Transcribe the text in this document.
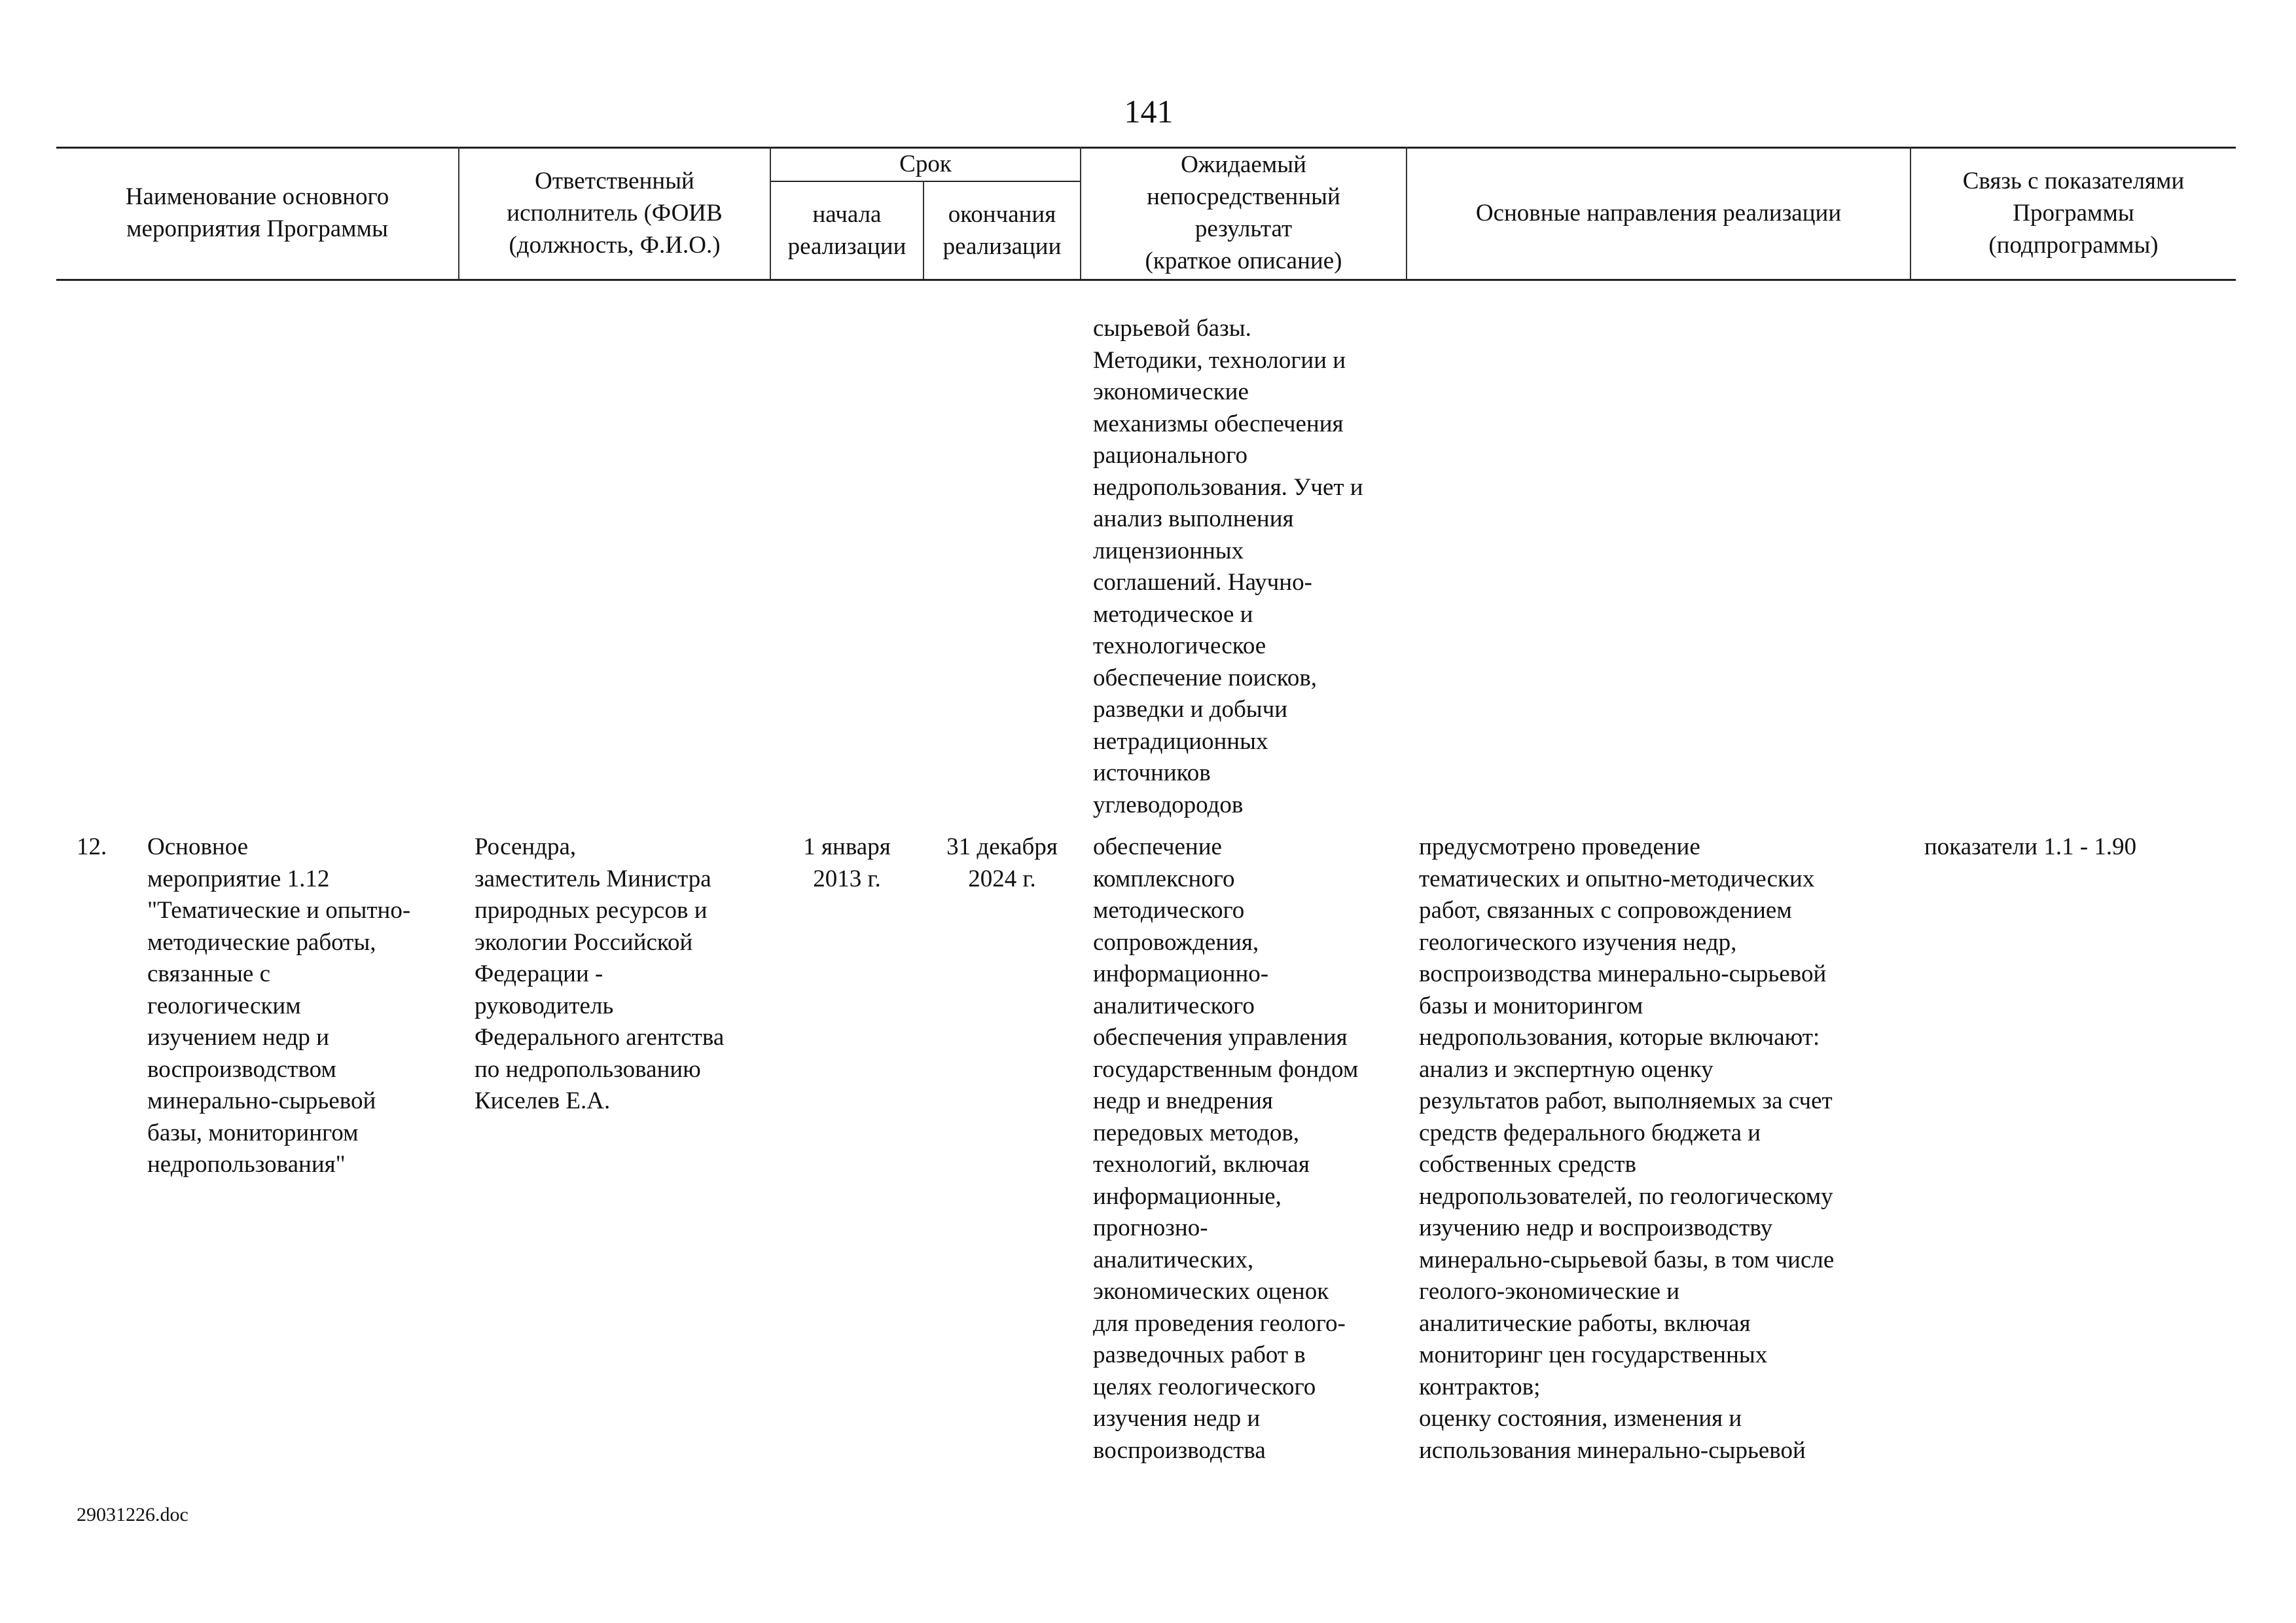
141
Наименование основного
мероприятия Программы
Ответственный
исполнитель (ФОИВ
(должность, Ф.И.О.)
Срок
начала
реализации
окончания
реализации
Ожидаемый
непосредственный
результат
(краткое описание)
Основные направления реализации
Связь с показателями
Программы
(подпрограммы)
сырьевой базы.
Методики, технологии и
экономические
механизмы обеспечения
рационального
недропользования. Учет и
анализ выполнения
лицензионных
соглашений. Научно-
методическое и
технологическое
обеспечение поисков,
разведки и добычи
нетрадиционных
источников
углеводородов
12. Основное
мероприятие 1.12
"Тематические и опытно-
методические работы,
связанные с
геологическим
изучением недр и
воспроизводством
минерально-сырьевой
базы, мониторингом
недропользования"
Росендра,
заместитель Министра
природных ресурсов и
экологии Российской
Федерации -
руководитель
Федерального агентства
по недропользованию
Киселев Е.А.
1 января
2013 г.
31 декабря
2024 г.
обеспечение
комплексного
методического
сопровождения,
информационно-
аналитического
обеспечения управления
государственным фондом
недр и внедрения
передовых методов,
технологий, включая
информационные,
прогнозно-
аналитических,
экономических оценок
для проведения геолого-
разведочных работ в
целях геологического
изучения недр и
воспроизводства
предусмотрено проведение
тематических и опытно-методических
работ, связанных с сопровождением
геологического изучения недр,
воспроизводства минерально-сырьевой
базы и мониторингом
недропользования, которые включают:
анализ и экспертную оценку
результатов работ, выполняемых за счет
средств федерального бюджета и
собственных средств
недропользователей, по геологическому
изучению недр и воспроизводству
минерально-сырьевой базы, в том числе
геолого-экономические и
аналитические работы, включая
мониторинг цен государственных
контрактов;
оценку состояния, изменения и
использования минерально-сырьевой
показатели 1.1 - 1.90
29031226.doc
